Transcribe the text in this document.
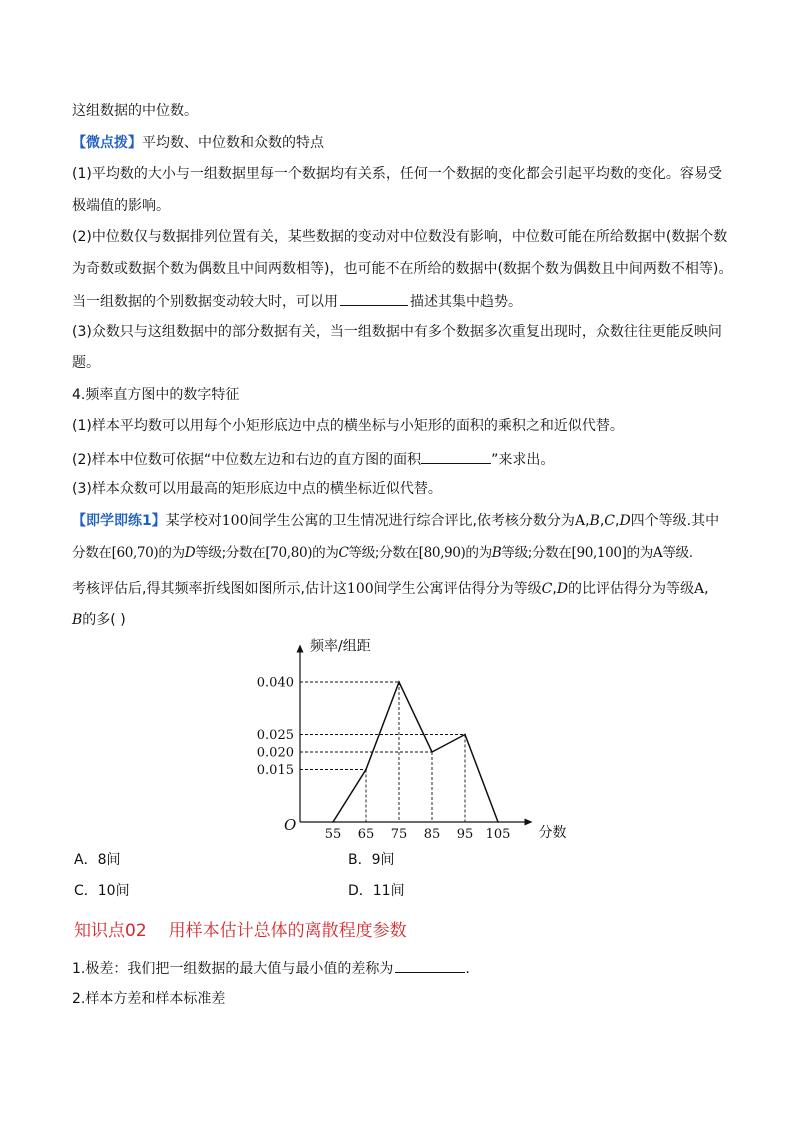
这组数据的中位数。
【微点拨】平均数、中位数和众数的特点
(1)平均数的大小与一组数据里每一个数据均有关系，任何一个数据的变化都会引起平均数的变化。容易受
极端值的影响。
(2)中位数仅与数据排列位置有关，某些数据的变动对中位数没有影响，中位数可能在所给数据中(数据个数
为奇数或数据个数为偶数且中间两数相等)，也可能不在所给的数据中(数据个数为偶数且中间两数不相等)。
当一组数据的个别数据变动较大时，可以用	描述其集中趋势。
(3)众数只与这组数据中的部分数据有关，当一组数据中有多个数据多次重复出现时，众数往往更能反映问
题。
4.频率直方图中的数字特征
(1)样本平均数可以用每个小矩形底边中点的横坐标与小矩形的面积的乘积之和近似代替。
(2)样本中位数可依据“中位数左边和右边的直方图的面积	”来求出。
(3)样本众数可以用最高的矩形底边中点的横坐标近似代替。
【即学即练1】某学校对100间学生公寓的卫生情况进行综合评比,依考核分数分为A,B,C,D四个等级.其中
分数在[60,70)的为D等级;分数在[70,80)的为C等级;分数在[80,90)的为B等级;分数在[90,100]的为A等级.
考核评估后,得其频率折线图如图所示,估计这100间学生公寓评估得分为等级C,D的比评估得分为等级A,
B的多( )
55 65 75 85 95 105
0.040
0.025
0.020
0.015
O
频率/组距
分数
A．8间	B．9间
C．10间	D．11间
知识点02 用样本估计总体的离散程度参数
1.极差：我们把一组数据的最大值与最小值的差称为	.
2.样本方差和样本标准差
